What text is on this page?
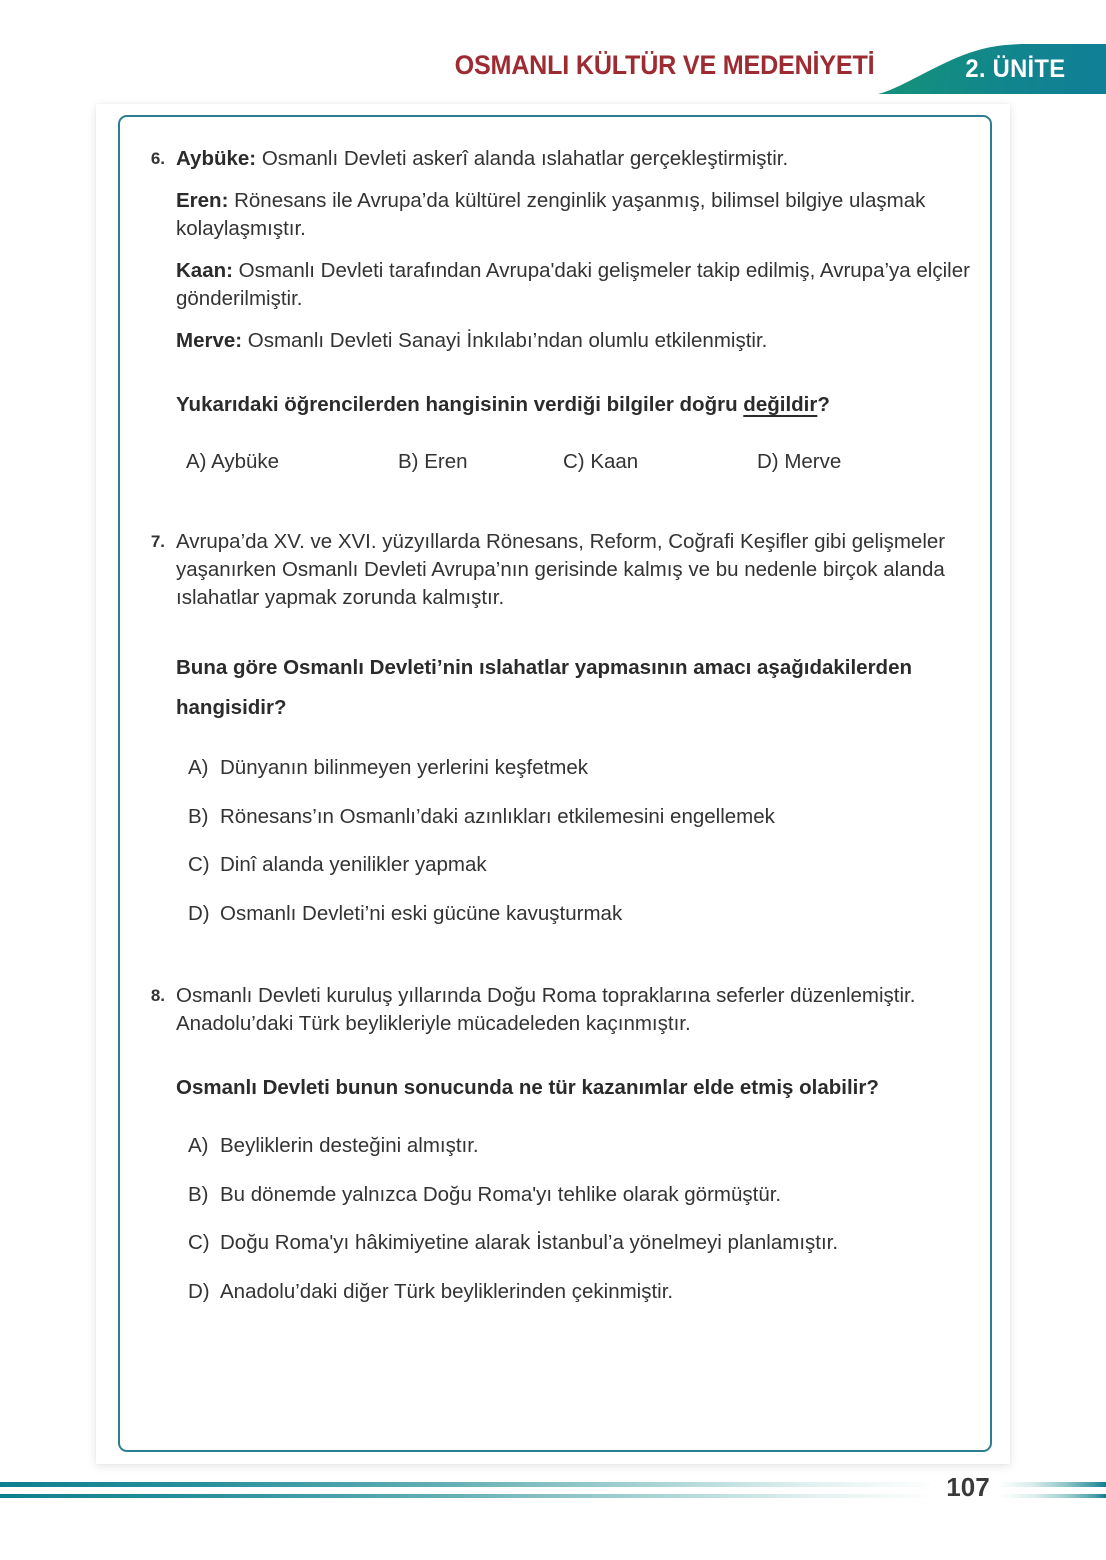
OSMANLI KÜLTÜR VE MEDENİYETİ	2. ÜNİTE
6. Aybüke: Osmanlı Devleti askerî alanda ıslahatlar gerçekleştirmiştir.
Eren: Rönesans ile Avrupa’da kültürel zenginlik yaşanmış, bilimsel bilgiye ulaşmak kolaylaşmıştır.
Kaan: Osmanlı Devleti tarafından Avrupa'daki gelişmeler takip edilmiş, Avrupa’ya elçiler gönderilmiştir.
Merve: Osmanlı Devleti Sanayi İnkılabı’ndan olumlu etkilenmiştir.
Yukarıdaki öğrencilerden hangisinin verdiği bilgiler doğru değildir?
A) Aybüke	B) Eren	C) Kaan	D) Merve
7. Avrupa’da XV. ve XVI. yüzyıllarda Rönesans, Reform, Coğrafi Keşifler gibi gelişmeler yaşanırken Osmanlı Devleti Avrupa’nın gerisinde kalmış ve bu nedenle birçok alanda ıslahatlar yapmak zorunda kalmıştır.
Buna göre Osmanlı Devleti’nin ıslahatlar yapmasının amacı aşağıdakilerden hangisidir?
A) Dünyanın bilinmeyen yerlerini keşfetmek
B) Rönesans’ın Osmanlı’daki azınlıkları etkilemesini engellemek
C) Dinî alanda yenilikler yapmak
D) Osmanlı Devleti’ni eski gücüne kavuşturmak
8. Osmanlı Devleti kuruluş yıllarında Doğu Roma topraklarına seferler düzenlemiştir. Anadolu’daki Türk beylikleriyle mücadeleden kaçınmıştır.
Osmanlı Devleti bunun sonucunda ne tür kazanımlar elde etmiş olabilir?
A) Beyliklerin desteğini almıştır.
B) Bu dönemde yalnızca Doğu Roma'yı tehlike olarak görmüştür.
C) Doğu Roma'yı hâkimiyetine alarak İstanbul’a yönelmeyi planlamıştır.
D) Anadolu’daki diğer Türk beyliklerinden çekinmiştir.
107
